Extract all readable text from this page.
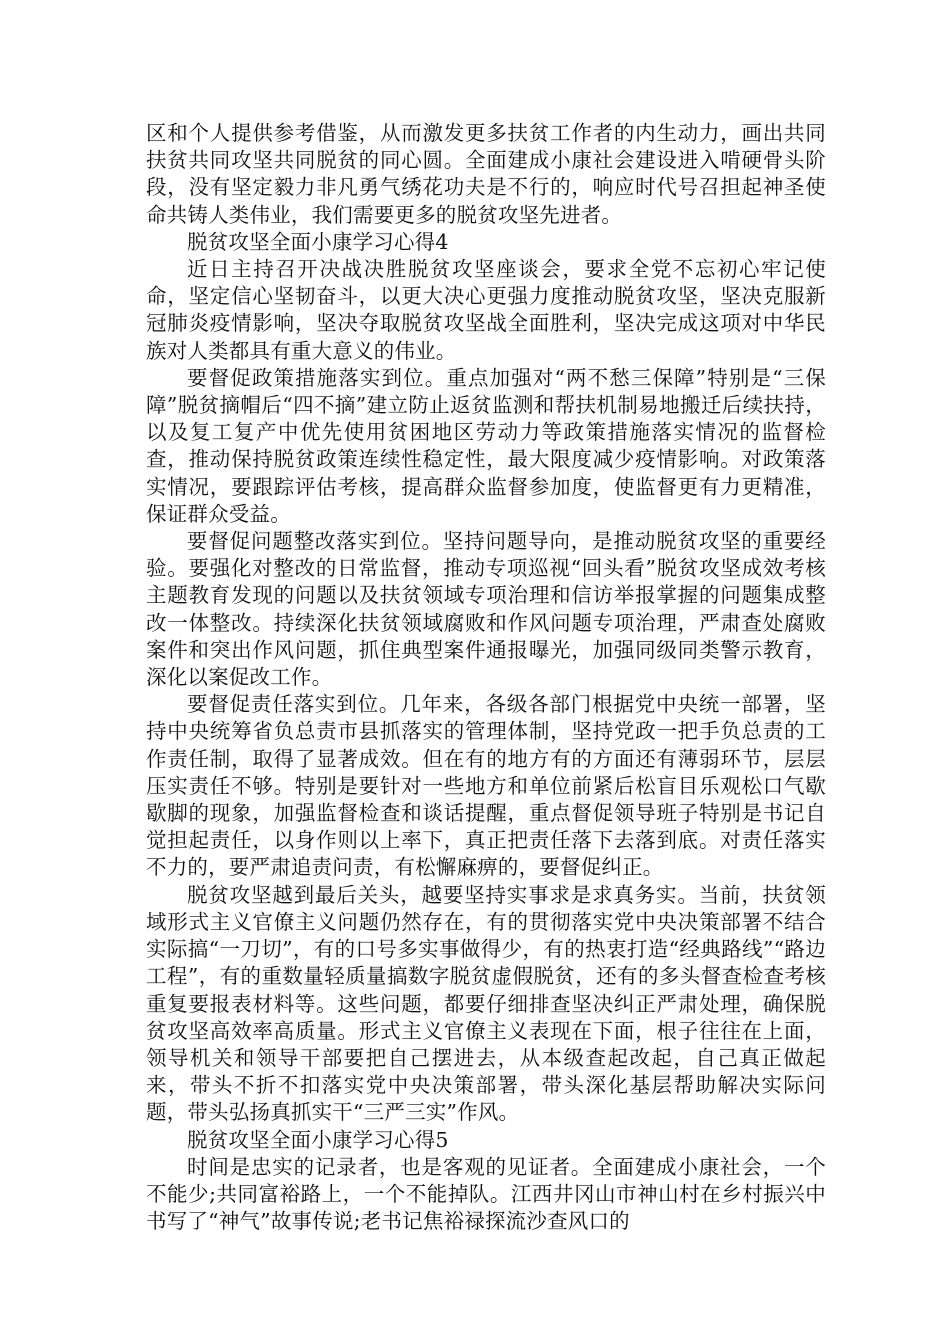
区和个人提供参考借鉴，从而激发更多扶贫工作者的内生动力，画出共同扶贫共同攻坚共同脱贫的同心圆。全面建成小康社会建设进入啃硬骨头阶段，没有坚定毅力非凡勇气绣花功夫是不行的，响应时代号召担起神圣使命共铸人类伟业，我们需要更多的脱贫攻坚先进者。

脱贫攻坚全面小康学习心得4

近日主持召开决战决胜脱贫攻坚座谈会，要求全党不忘初心牢记使命，坚定信心坚韧奋斗，以更大决心更强力度推动脱贫攻坚，坚决克服新冠肺炎疫情影响，坚决夺取脱贫攻坚战全面胜利，坚决完成这项对中华民族对人类都具有重大意义的伟业。

要督促政策措施落实到位。重点加强对“两不愁三保障”特别是“三保障”脱贫摘帽后“四不摘”建立防止返贫监测和帮扶机制易地搬迁后续扶持，以及复工复产中优先使用贫困地区劳动力等政策措施落实情况的监督检查，推动保持脱贫政策连续性稳定性，最大限度减少疫情影响。对政策落实情况，要跟踪评估考核，提高群众监督参加度，使监督更有力更精准，保证群众受益。

要督促问题整改落实到位。坚持问题导向，是推动脱贫攻坚的重要经验。要强化对整改的日常监督，推动专项巡视“回头看”脱贫攻坚成效考核主题教育发现的问题以及扶贫领域专项治理和信访举报掌握的问题集成整改一体整改。持续深化扶贫领域腐败和作风问题专项治理，严肃查处腐败案件和突出作风问题，抓住典型案件通报曝光，加强同级同类警示教育，深化以案促改工作。

要督促责任落实到位。几年来，各级各部门根据党中央统一部署，坚持中央统筹省负总责市县抓落实的管理体制，坚持党政一把手负总责的工作责任制，取得了显著成效。但在有的地方有的方面还有薄弱环节，层层压实责任不够。特别是要针对一些地方和单位前紧后松盲目乐观松口气歇歇脚的现象，加强监督检查和谈话提醒，重点督促领导班子特别是书记自觉担起责任，以身作则以上率下，真正把责任落下去落到底。对责任落实不力的，要严肃追责问责，有松懈麻痹的，要督促纠正。

脱贫攻坚越到最后关头，越要坚持实事求是求真务实。当前，扶贫领域形式主义官僚主义问题仍然存在，有的贯彻落实党中央决策部署不结合实际搞“一刀切”，有的口号多实事做得少，有的热衷打造“经典路线”“路边工程”，有的重数量轻质量搞数字脱贫虚假脱贫，还有的多头督查检查考核重复要报表材料等。这些问题，都要仔细排查坚决纠正严肃处理，确保脱贫攻坚高效率高质量。形式主义官僚主义表现在下面，根子往往在上面，领导机关和领导干部要把自己摆进去，从本级查起改起，自己真正做起来，带头不折不扣落实党中央决策部署，带头深化基层帮助解决实际问题，带头弘扬真抓实干“三严三实”作风。

脱贫攻坚全面小康学习心得5

时间是忠实的记录者，也是客观的见证者。全面建成小康社会，一个不能少;共同富裕路上，一个不能掉队。江西井冈山市神山村在乡村振兴中书写了“神气”故事传说;老书记焦裕禄探流沙查风口的
